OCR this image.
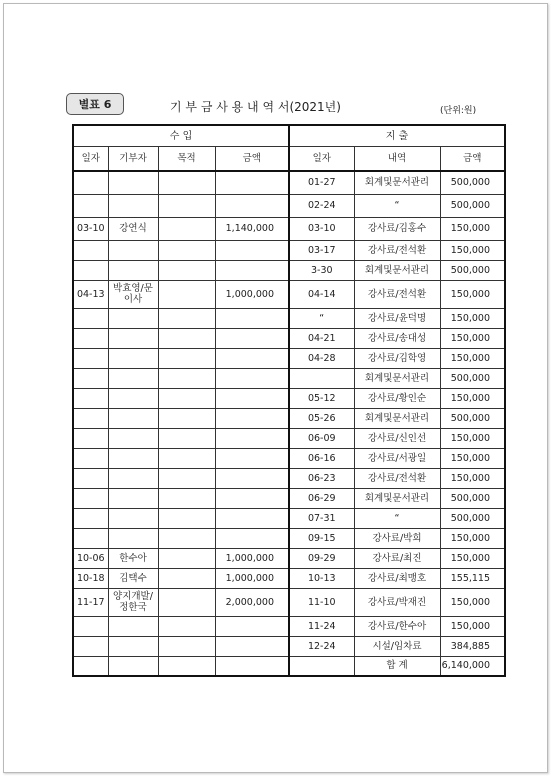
별표 6	기 부 금 사 용 내 역 서(2021년)	(단위:원)
수 입				지 출		
일자	기부자	목적	금액	일자	내역	금액
				01-27	회계및문서관리	500,000
				02-24	“	500,000
03-10	강연식		1,140,000	03-10	강사료/김홍수	150,000
				03-17	강사료/전석환	150,000
				3-30	회계및문서관리	500,000
04-13	박효영/문이사		1,000,000	04-14	강사료/전석환	150,000
				“	강사료/윤덕명	150,000
				04-21	강사료/송대성	150,000
				04-28	강사료/김학영	150,000
					회계및문서관리	500,000
				05-12	강사료/황인순	150,000
				05-26	회계및문서관리	500,000
				06-09	강사료/신인선	150,000
				06-16	강사료/서광일	150,000
				06-23	강사료/전석환	150,000
				06-29	회계및문서관리	500,000
				07-31	“	500,000
				09-15	강사료/박희	150,000
10-06	한수아		1,000,000	09-29	강사료/최진	150,000
10-18	김택수		1,000,000	10-13	강사료/최맹호	155,115
11-17	양지개발/정한국		2,000,000	11-10	강사료/박재진	150,000
				11-24	강사료/한수아	150,000
				12-24	시설/임차료	384,885
					합 계	6,140,000
